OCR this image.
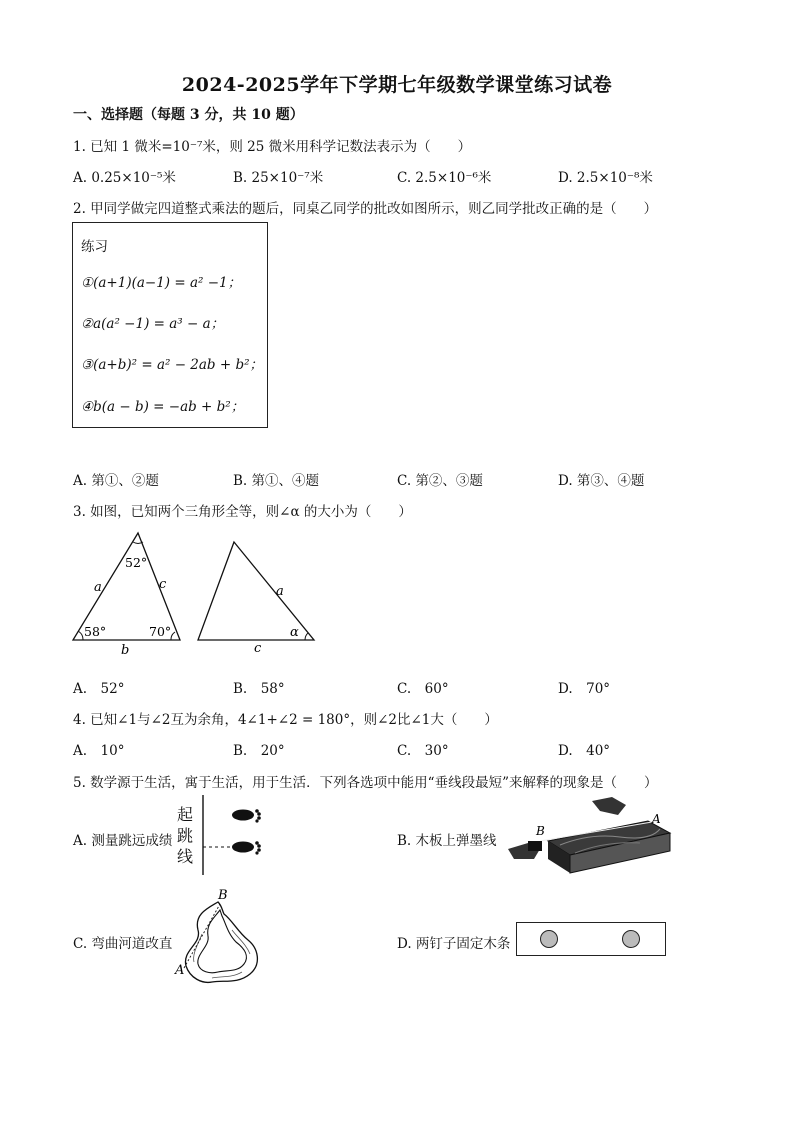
2024-2025学年下学期七年级数学课堂练习试卷
一、选择题（每题 3 分，共 10 题）
1. 已知 1 微米=10⁻⁷米，则 25 微米用科学记数法表示为（　　）
A. 0.25×10⁻⁵米	B. 25×10⁻⁷米	C. 2.5×10⁻⁶米	D. 2.5×10⁻⁸米
2. 甲同学做完四道整式乘法的题后，同桌乙同学的批改如图所示，则乙同学批改正确的是（　　）
练习
①(a+1)(a−1) = a² −1；
②a(a² −1) = a³ − a；
③(a+b)² = a² − 2ab + b²；
④b(a − b) = −ab + b²；
A. 第①、②题	B. 第①、④题	C. 第②、③题	D. 第③、④题
3. 如图，已知两个三角形全等，则∠α 的大小为（　　）
52°
a	c
58°	70°
b
a
α
c
A.　52°	B.　58°	C.　60°	D.　70°
4. 已知∠1与∠2互为余角，4∠1+∠2 = 180°，则∠2比∠1大（　　）
A.　10°	B.　20°	C.　30°	D.　40°
5. 数学源于生活，寓于生活，用于生活．下列各选项中能用“垂线段最短”来解释的现象是（　　）
A. 测量跳远成绩
起
跳
线
B. 木板上弹墨线
B
A
C. 弯曲河道改直
B
A
D. 两钉子固定木条
